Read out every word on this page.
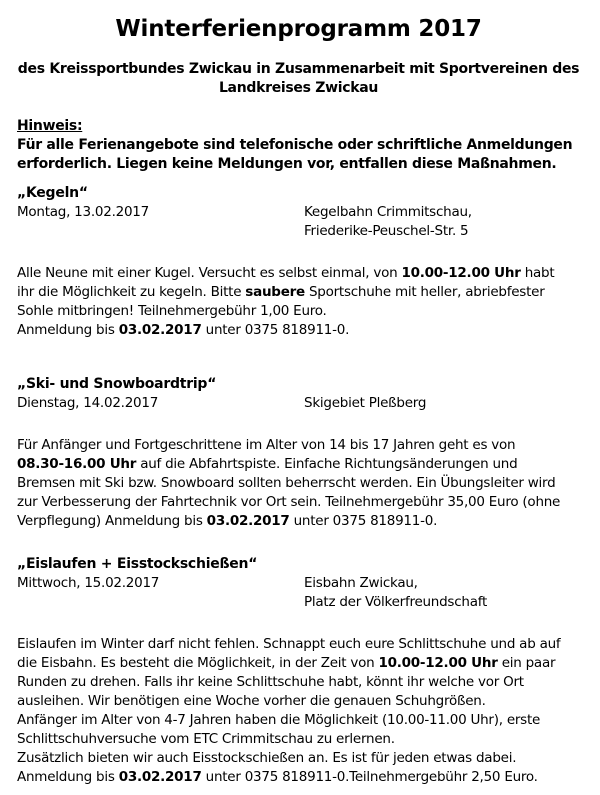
Winterferienprogramm 2017
des Kreissportbundes Zwickau in Zusammenarbeit mit Sportvereinen des
Landkreises Zwickau
Hinweis:
Für alle Ferienangebote sind telefonische oder schriftliche Anmeldungen
erforderlich. Liegen keine Meldungen vor, entfallen diese Maßnahmen.
„Kegeln“
Montag, 13.02.2017	Kegelbahn Crimmitschau,
Friederike-Peuschel-Str. 5
Alle Neune mit einer Kugel. Versucht es selbst einmal, von 10.00-12.00 Uhr habt
ihr die Möglichkeit zu kegeln. Bitte saubere Sportschuhe mit heller, abriebfester
Sohle mitbringen! Teilnehmergebühr 1,00 Euro.
Anmeldung bis 03.02.2017 unter 0375 818911-0.
„Ski- und Snowboardtrip“
Dienstag, 14.02.2017	Skigebiet Pleßberg
Für Anfänger und Fortgeschrittene im Alter von 14 bis 17 Jahren geht es von
08.30-16.00 Uhr auf die Abfahrtspiste. Einfache Richtungsänderungen und
Bremsen mit Ski bzw. Snowboard sollten beherrscht werden. Ein Übungsleiter wird
zur Verbesserung der Fahrtechnik vor Ort sein. Teilnehmergebühr 35,00 Euro (ohne
Verpflegung) Anmeldung bis 03.02.2017 unter 0375 818911-0.
„Eislaufen + Eisstockschießen“
Mittwoch, 15.02.2017	Eisbahn Zwickau,
Platz der Völkerfreundschaft
Eislaufen im Winter darf nicht fehlen. Schnappt euch eure Schlittschuhe und ab auf
die Eisbahn. Es besteht die Möglichkeit, in der Zeit von 10.00-12.00 Uhr ein paar
Runden zu drehen. Falls ihr keine Schlittschuhe habt, könnt ihr welche vor Ort
ausleihen. Wir benötigen eine Woche vorher die genauen Schuhgrößen.
Anfänger im Alter von 4-7 Jahren haben die Möglichkeit (10.00-11.00 Uhr), erste
Schlittschuhversuche vom ETC Crimmitschau zu erlernen.
Zusätzlich bieten wir auch Eisstockschießen an. Es ist für jeden etwas dabei.
Anmeldung bis 03.02.2017 unter 0375 818911-0.Teilnehmergebühr 2,50 Euro.
